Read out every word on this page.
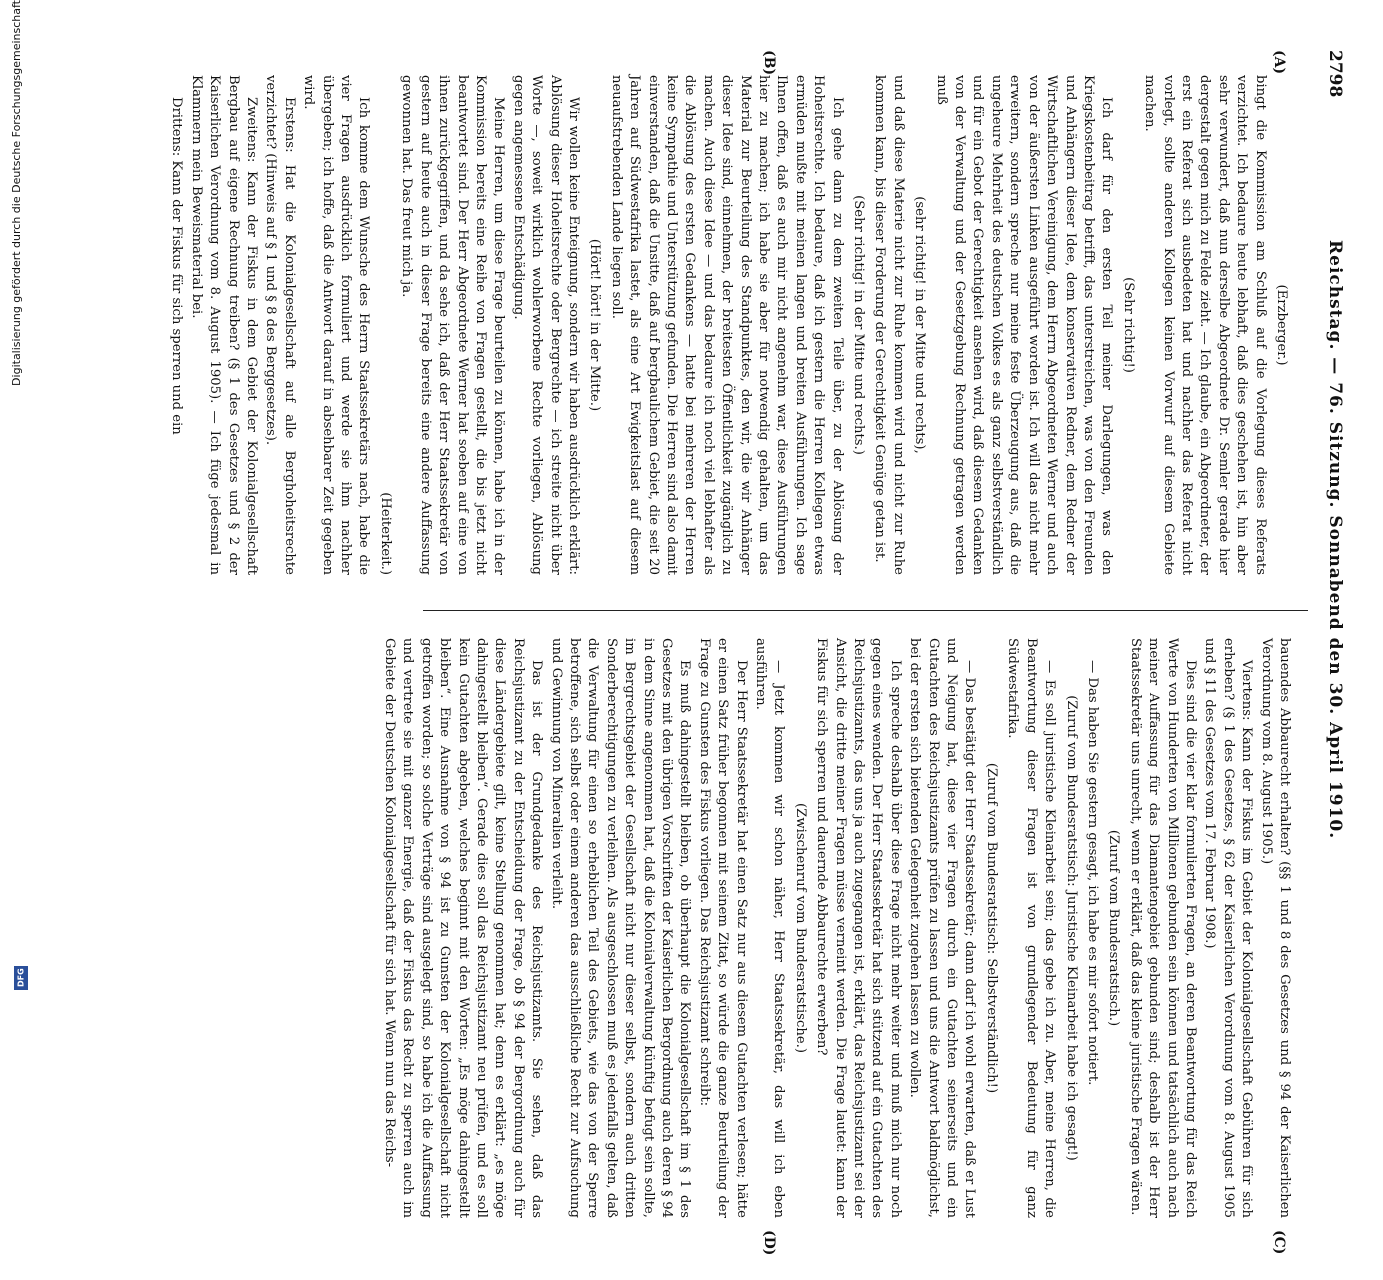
2798
Reichstag. — 76. Sitzung. Sonnabend den 30. April 1910.

(Erzberger.)

bingt die Kommission am Schluß auf die Vorlegung dieses Referats verzichtet. Ich bedaure heute lebhaft, daß dies geschehen ist, hin aber sehr verwundert, daß nun derselbe Abgeordnete Dr. Semler gerade hier dergestalt gegen mich zu Felde zieht. — Ich glaube, ein Abgeordneter, der erst ein Referat sich ausbedeten hat und nachher das Referat nicht vorlegt, sollte anderen Kollegen keinen Vorwurf auf diesem Gebiete machen.

(Sehr richtig!)

Ich darf für den ersten Teil meiner Darlegungen, was den Kriegskostenbeitrag betrifft, das unterstreichen, was von den Freunden und Anhängern dieser Idee, dem konservativen Redner, dem Redner der Wirtschaftlichen Vereinigung, dem Herrn Abgeordneten Werner und auch von der äußersten Linken ausgeführt worden ist. Ich will das nicht mehr erweitern, sondern spreche nur meine feste Überzeugung aus, daß die ungeheure Mehrheit des deutschen Volkes es als ganz selbstverständlich und für ein Gebot der Gerechtigkeit ansehen wird, daß diesem Gedanken von der Verwaltung und der Gesetzgebung Rechnung getragen werden muß

(sehr richtig! in der Mitte und rechts),

und daß diese Materie nicht zur Ruhe kommen wird und nicht zur Ruhe kommen kann, bis dieser Forderung der Gerechtigkeit Genüge getan ist.

(Sehr richtig! in der Mitte und rechts.)

Ich gehe dann zu dem zweiten Teile über, zu der Ablösung der Hoheitsrechte. Ich bedaure, daß ich gestern die Herren Kollegen etwas ermüden mußte mit meinen langen und breiten Ausführungen. Ich sage Ihnen offen, daß es auch mir nicht angenehm war, diese Ausführungen hier zu machen; ich habe sie aber für notwendig gehalten, um das Material zur Beurteilung des Standpunktes, den wir, die wir Anhänger dieser Idee sind, einnehmen, der breitesten Öffentlichkeit zugänglich zu machen. Auch diese Idee — und das bedaure ich noch viel lebhafter als die Ablösung des ersten Gedankens — hatte bei mehreren der Herren keine Sympathie und Unterstützung gefunden. Die Herren sind also damit einverstanden, daß die Unsitte, daß auf bergbaulichem Gebiet, die seit 20 Jahren auf Südwestafrika lastet, als eine Art Ewigkeitslast auf diesem neuaufstrebenden Lande liegen soll.

(Hört! hört! in der Mitte.)

Wir wollen keine Enteignung, sondern wir haben ausdrücklich erklärt: Ablösung dieser Hoheitsrechte oder Bergrechte — ich streite nicht über Worte —, soweit wirklich wohlerworbene Rechte vorliegen, Ablösung gegen angemessene Entschädigung.

Meine Herren, um diese Frage beurteilen zu können, habe ich in der Kommission bereits eine Reihe von Fragen gestellt, die bis jetzt nicht beantwortet sind. Der Herr Abgeordnete Werner hat soeben auf eine von ihnen zurückgegriffen, und da sehe ich, daß der Herr Staatssekretär von gestern auf heute auch in dieser Frage bereits eine andere Auffassung gewonnen hat. Das freut mich ja.

(Heiterkeit.)

Ich komme dem Wunsche des Herrn Staatssekretärs nach, habe die vier Fragen ausdrücklich formuliert und werde sie ihm nachher übergeben; ich hoffe, daß die Antwort darauf in absehbarer Zeit gegeben wird.

Erstens: Hat die Kolonialgesellschaft auf alle Berghoheitsrechte verzichtet? (Hinweis auf § 1 und § 8 des Berggesetzes).

Zweitens: Kann der Fiskus in dem Gebiet der Kolonialgesellschaft Bergbau auf eigene Rechnung treiben? (§ 1 des Gesetzes und § 2 der Kaiserlichen Verordnung vom 8. August 1905). — Ich füge jedesmal in Klammern mein Beweismaterial bei.

Drittens: Kann der Fiskus für sich sperren und ein

bauendes Abbaurecht erhalten? (§§ 1 und 8 des Gesetzes und § 94 der Kaiserlichen Verordnung vom 8. August 1905.)

Viertens: Kann der Fiskus im Gebiet der Kolonialgesellschaft Gebühren für sich erheben? (§ 1 des Gesetzes, § 62 der Kaiserlichen Verordnung vom 8. August 1905 und § 11 des Gesetzes vom 17. Februar 1908.)

Dies sind die vier klar formulierten Fragen, an deren Beantwortung für das Reich Werte von Hunderten von Millionen gebunden sein können und tatsächlich auch nach meiner Auffassung für das Diamantengebiet gebunden sind; deshalb ist der Herr Staatssekretär uns unrecht, wenn er erklärt, daß das kleine juristische Fragen wären.

(Zuruf vom Bundesratstisch.)

— Das haben Sie gestern gesagt, ich habe es mir sofort notiert.

(Zuruf vom Bundesratstisch: Juristische Kleinarbeit habe ich gesagt!)

— Es soll juristische Kleinarbeit sein; das gebe ich zu. Aber, meine Herren, die Beantwortung dieser Fragen ist von grundlegender Bedeutung für ganz Südwestafrika.

(Zuruf vom Bundesratstisch: Selbstverständlich!)

— Das bestätigt der Herr Staatssekretär; dann darf ich wohl erwarten, daß er Lust und Neigung hat, diese vier Fragen durch ein Gutachten seinerseits und ein Gutachten des Reichsjustizamts prüfen zu lassen und uns die Antwort baldmöglichst, bei der ersten sich bietenden Gelegenheit zugehen lassen zu wollen.

Ich spreche deshalb über diese Frage nicht mehr weiter und muß mich nur noch gegen eines wenden. Der Herr Staatssekretär hat sich stützend auf ein Gutachten des Reichsjustizamts, das uns ja auch zugegangen ist, erklärt, das Reichsjustizamt sei der Ansicht, die dritte meiner Fragen müsse verneint werden. Die Frage lautet: kann der Fiskus für sich sperren und dauernde Abbaurechte erwerben?

(Zwischenruf vom Bundesratstische.)

— Jetzt kommen wir schon näher, Herr Staatssekretär, das will ich eben ausführen.

Der Herr Staatssekretär hat einen Satz nur aus diesem Gutachten verlesen; hätte er einen Satz früher begonnen mit seinem Zitat, so würde die ganze Beurteilung der Frage zu Gunsten des Fiskus vorliegen. Das Reichsjustizamt schreibt:

Es muß dahingestellt bleiben, ob überhaupt die Kolonialgesellschaft im § 1 des Gesetzes mit den übrigen Vorschriften der Kaiserlichen Bergordnung auch deren § 94 in dem Sinne angenommen hat, daß die Kolonialverwaltung künftig befugt sein sollte, im Bergrechtsgebiet der Gesellschaft nicht nur dieser selbst, sondern auch dritten Sonderberechtigungen zu verleihen. Als ausgeschlossen muß es jedenfalls gelten, daß die Verwaltung für einen so erheblichen Teil des Gebiets, wie das von der Sperre betroffene, sich selbst oder einem anderen das ausschließliche Recht zur Aufsuchung und Gewinnung von Mineralien verleiht.

Das ist der Grundgedanke des Reichsjustizamts. Sie sehen, daß das Reichsjustizamt zu der Entscheidung der Frage, ob § 94 der Bergordnung auch für diese Ländergebiete gilt, keine Stellung genommen hat; denn es erklärt: „es möge dahingestellt bleiben“. Gerade dies soll das Reichsjustizamt neu prüfen, und es soll kein Gutachten abgeben, welches beginnt mit den Worten: „Es möge dahingestellt bleiben“. Eine Ausnahme von § 94 ist zu Gunsten der Kolonialgesellschaft nicht getroffen worden; so solche Verträge sind ausgelegt sind, so habe ich die Auffassung und vertrete sie mit ganzer Energie, daß der Fiskus das Recht zu sperren auch im Gebiete der Deutschen Kolonialgesellschaft für sich hat. Wenn nun das Reichs-

(A)
(B)
(C)
(D)
Digitalisierung gefördert durch die Deutsche Forschungsgemeinschaft
DFG
